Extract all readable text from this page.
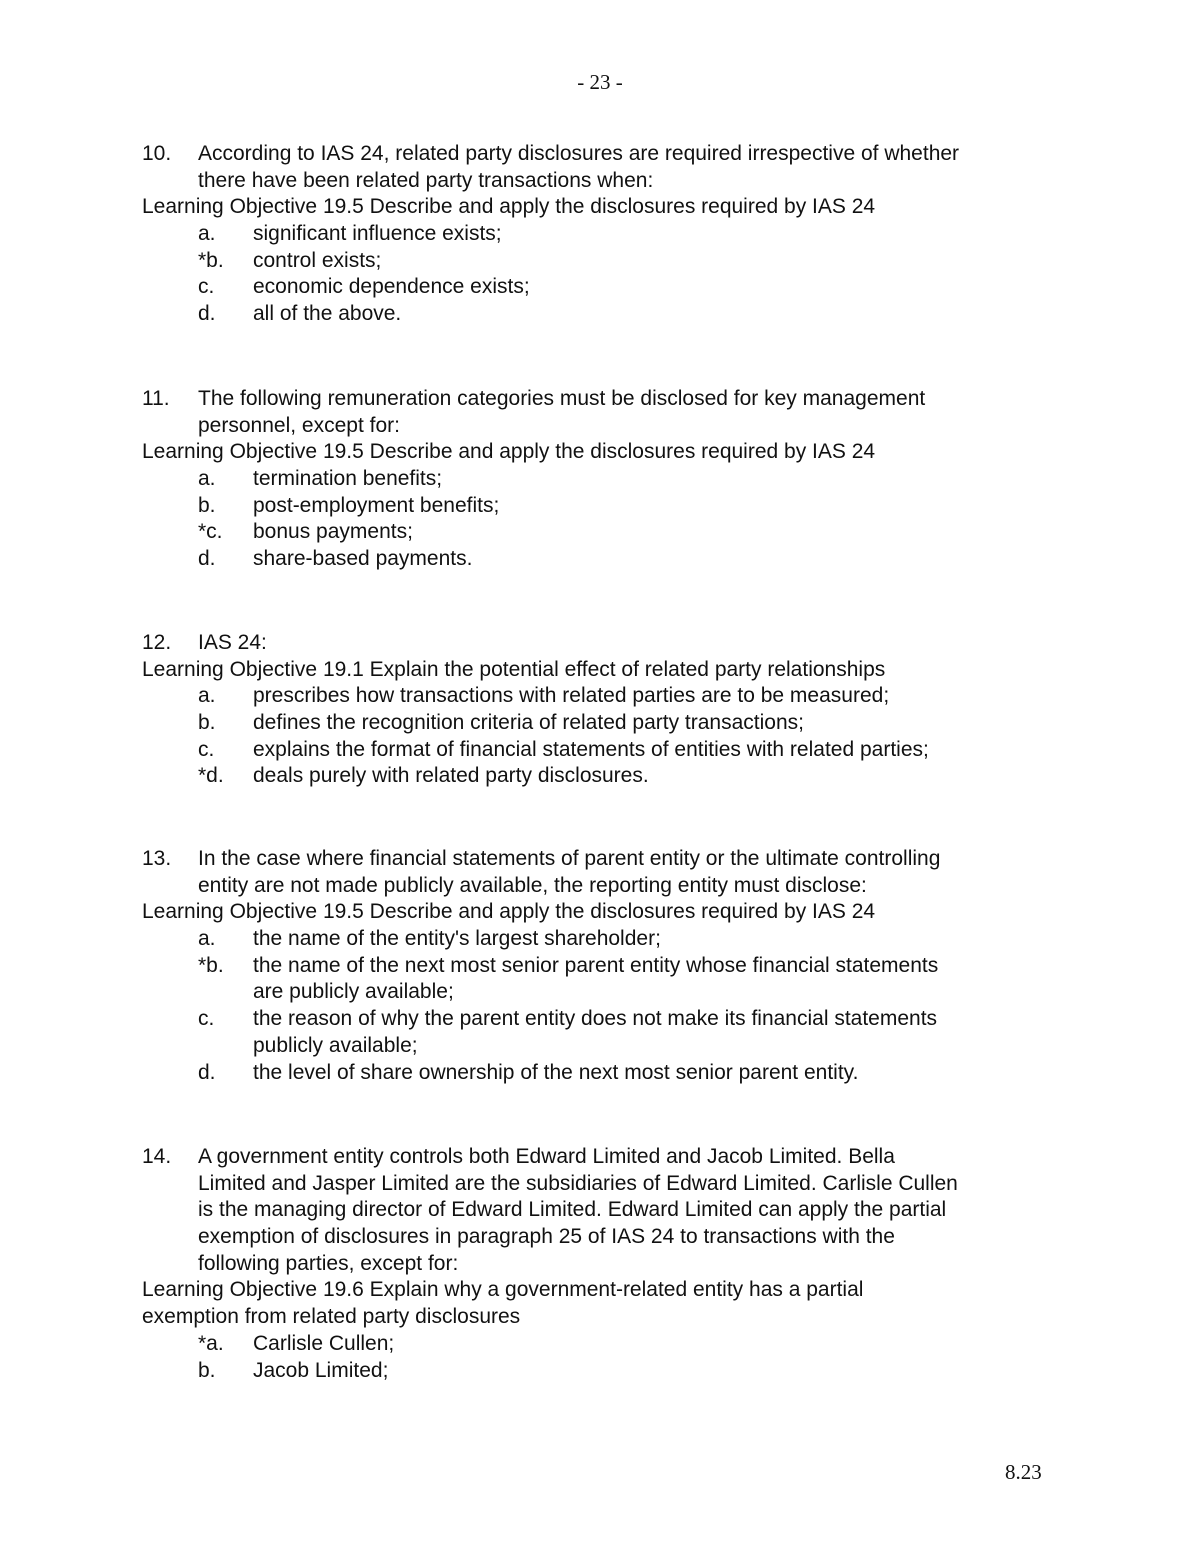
- 23 -
10.	According to IAS 24, related party disclosures are required irrespective of whether
there have been related party transactions when:
Learning Objective 19.5 Describe and apply the disclosures required by IAS 24
a.	significant influence exists;
*b.	control exists;
c.	economic dependence exists;
d.	all of the above.
11.	The following remuneration categories must be disclosed for key management
personnel, except for:
Learning Objective 19.5 Describe and apply the disclosures required by IAS 24
a.	termination benefits;
b.	post-employment benefits;
*c.	bonus payments;
d.	share-based payments.
12.	IAS 24:
Learning Objective 19.1 Explain the potential effect of related party relationships
a.	prescribes how transactions with related parties are to be measured;
b.	defines the recognition criteria of related party transactions;
c.	explains the format of financial statements of entities with related parties;
*d.	deals purely with related party disclosures.
13.	In the case where financial statements of parent entity or the ultimate controlling
entity are not made publicly available, the reporting entity must disclose:
Learning Objective 19.5 Describe and apply the disclosures required by IAS 24
a.	the name of the entity's largest shareholder;
*b.	the name of the next most senior parent entity whose financial statements
are publicly available;
c.	the reason of why the parent entity does not make its financial statements
publicly available;
d.	the level of share ownership of the next most senior parent entity.
14.	A government entity controls both Edward Limited and Jacob Limited. Bella
Limited and Jasper Limited are the subsidiaries of Edward Limited. Carlisle Cullen
is the managing director of Edward Limited. Edward Limited can apply the partial
exemption of disclosures in paragraph 25 of IAS 24 to transactions with the
following parties, except for:
Learning Objective 19.6 Explain why a government-related entity has a partial
exemption from related party disclosures
*a.	Carlisle Cullen;
b.	Jacob Limited;
8.23
